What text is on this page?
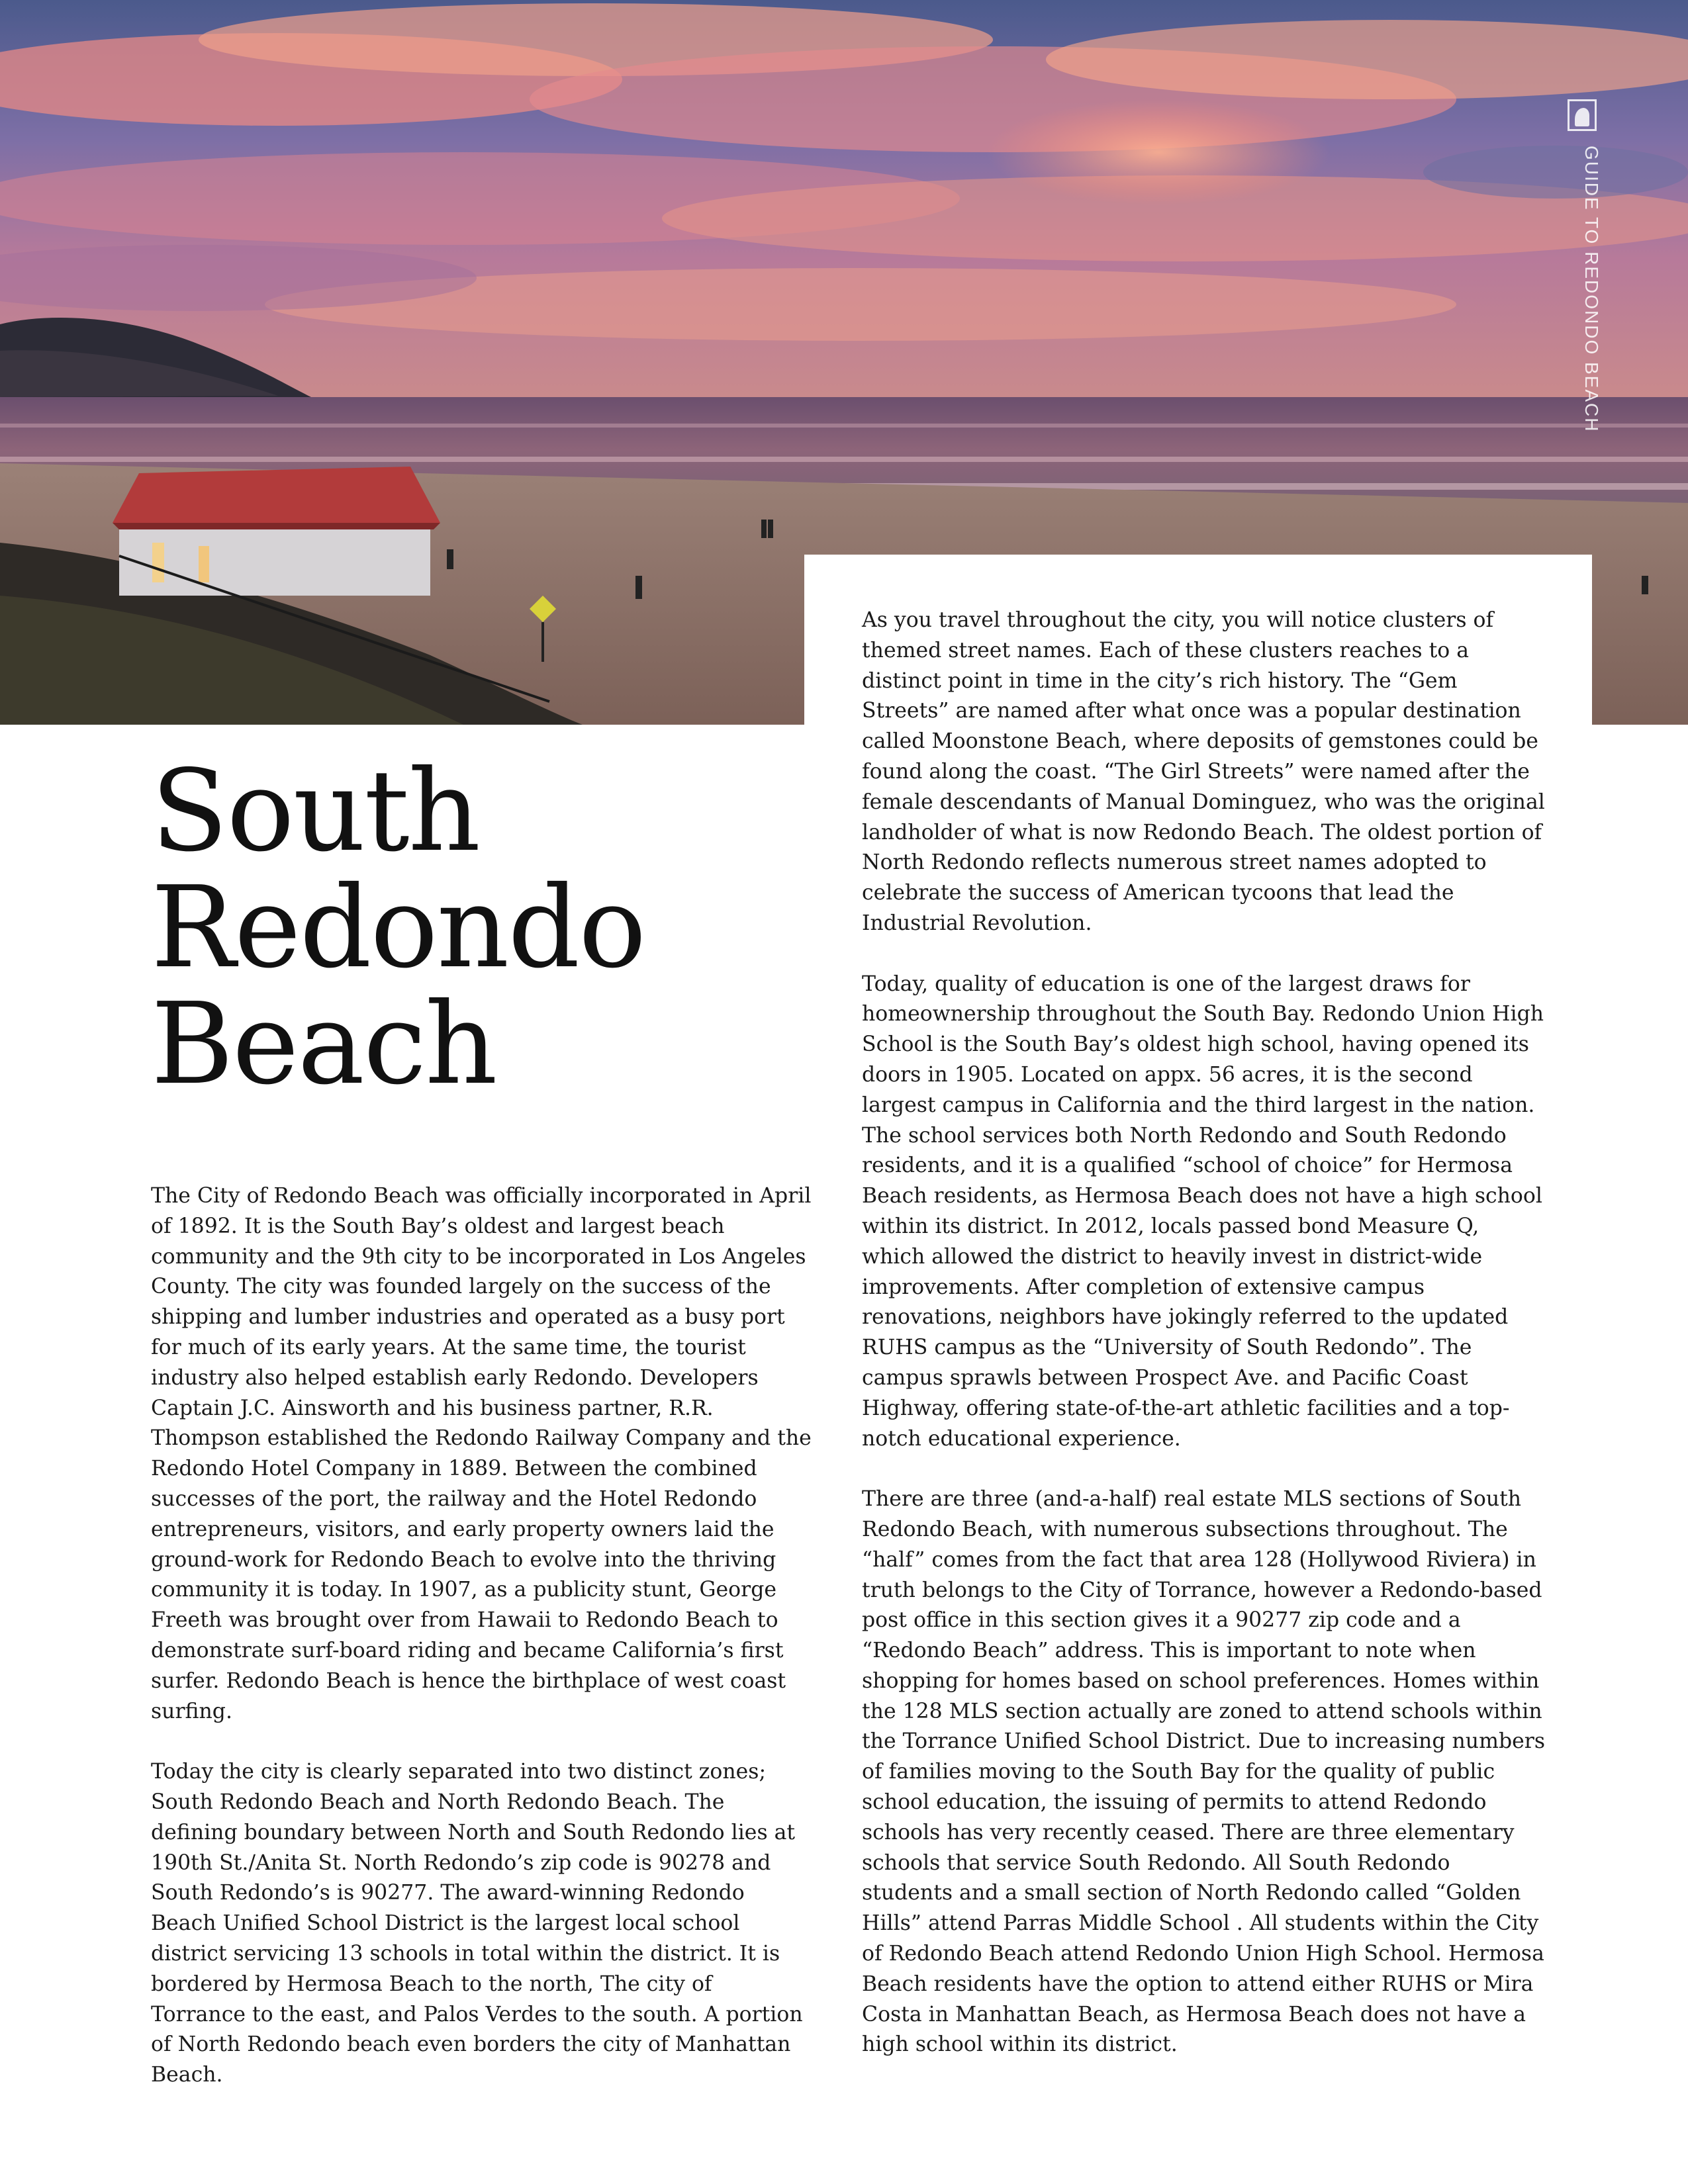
GUIDE TO REDONDO BEACH
South
Redondo
Beach

The City of Redondo Beach was officially incorporated in April of 1892. It is the South Bay’s oldest and largest beach community and the 9th city to be incorporated in Los Angeles County. The city was founded largely on the success of the shipping and lumber industries and operated as a busy port for much of its early years. At the same time, the tourist industry also helped establish early Redondo. Developers Captain J.C. Ainsworth and his business partner, R.R. Thompson established the Redondo Railway Company and the Redondo Hotel Company in 1889. Between the combined successes of the port, the railway and the Hotel Redondo entrepreneurs, visitors, and early property owners laid the ground-work for Redondo Beach to evolve into the thriving community it is today. In 1907, as a publicity stunt, George Freeth was brought over from Hawaii to Redondo Beach to demonstrate surf-board riding and became California’s first surfer. Redondo Beach is hence the birthplace of west coast surfing.

Today the city is clearly separated into two distinct zones; South Redondo Beach and North Redondo Beach. The defining boundary between North and South Redondo lies at 190th St./Anita St. North Redondo’s zip code is 90278 and South Redondo’s is 90277. The award-winning Redondo Beach Unified School District is the largest local school district servicing 13 schools in total within the district. It is bordered by Hermosa Beach to the north, The city of Torrance to the east, and Palos Verdes to the south. A portion of North Redondo beach even borders the city of Manhattan Beach.

As you travel throughout the city, you will notice clusters of themed street names. Each of these clusters reaches to a distinct point in time in the city’s rich history. The “Gem Streets” are named after what once was a popular destination called Moonstone Beach, where deposits of gemstones could be found along the coast. “The Girl Streets” were named after the female descendants of Manual Dominguez, who was the original landholder of what is now Redondo Beach. The oldest portion of North Redondo reflects numerous street names adopted to celebrate the success of American tycoons that lead the Industrial Revolution.

Today, quality of education is one of the largest draws for homeownership throughout the South Bay. Redondo Union High School is the South Bay’s oldest high school, having opened its doors in 1905. Located on appx. 56 acres, it is the second largest campus in California and the third largest in the nation. The school services both North Redondo and South Redondo residents, and it is a qualified “school of choice” for Hermosa Beach residents, as Hermosa Beach does not have a high school within its district. In 2012, locals passed bond Measure Q, which allowed the district to heavily invest in district-wide improvements. After completion of extensive campus renovations, neighbors have jokingly referred to the updated RUHS campus as the “University of South Redondo”. The campus sprawls between Prospect Ave. and Pacific Coast Highway, offering state-of-the-art athletic facilities and a top-notch educational experience.

There are three (and-a-half) real estate MLS sections of South Redondo Beach, with numerous subsections throughout. The “half” comes from the fact that area 128 (Hollywood Riviera) in truth belongs to the City of Torrance, however a Redondo-based post office in this section gives it a 90277 zip code and a “Redondo Beach” address. This is important to note when shopping for homes based on school preferences. Homes within the 128 MLS section actually are zoned to attend schools within the Torrance Unified School District. Due to increasing numbers of families moving to the South Bay for the quality of public school education, the issuing of permits to attend Redondo schools has very recently ceased. There are three elementary schools that service South Redondo. All South Redondo students and a small section of North Redondo called “Golden Hills” attend Parras Middle School . All students within the City of Redondo Beach attend Redondo Union High School. Hermosa Beach residents have the option to attend either RUHS or Mira Costa in Manhattan Beach, as Hermosa Beach does not have a high school within its district.
